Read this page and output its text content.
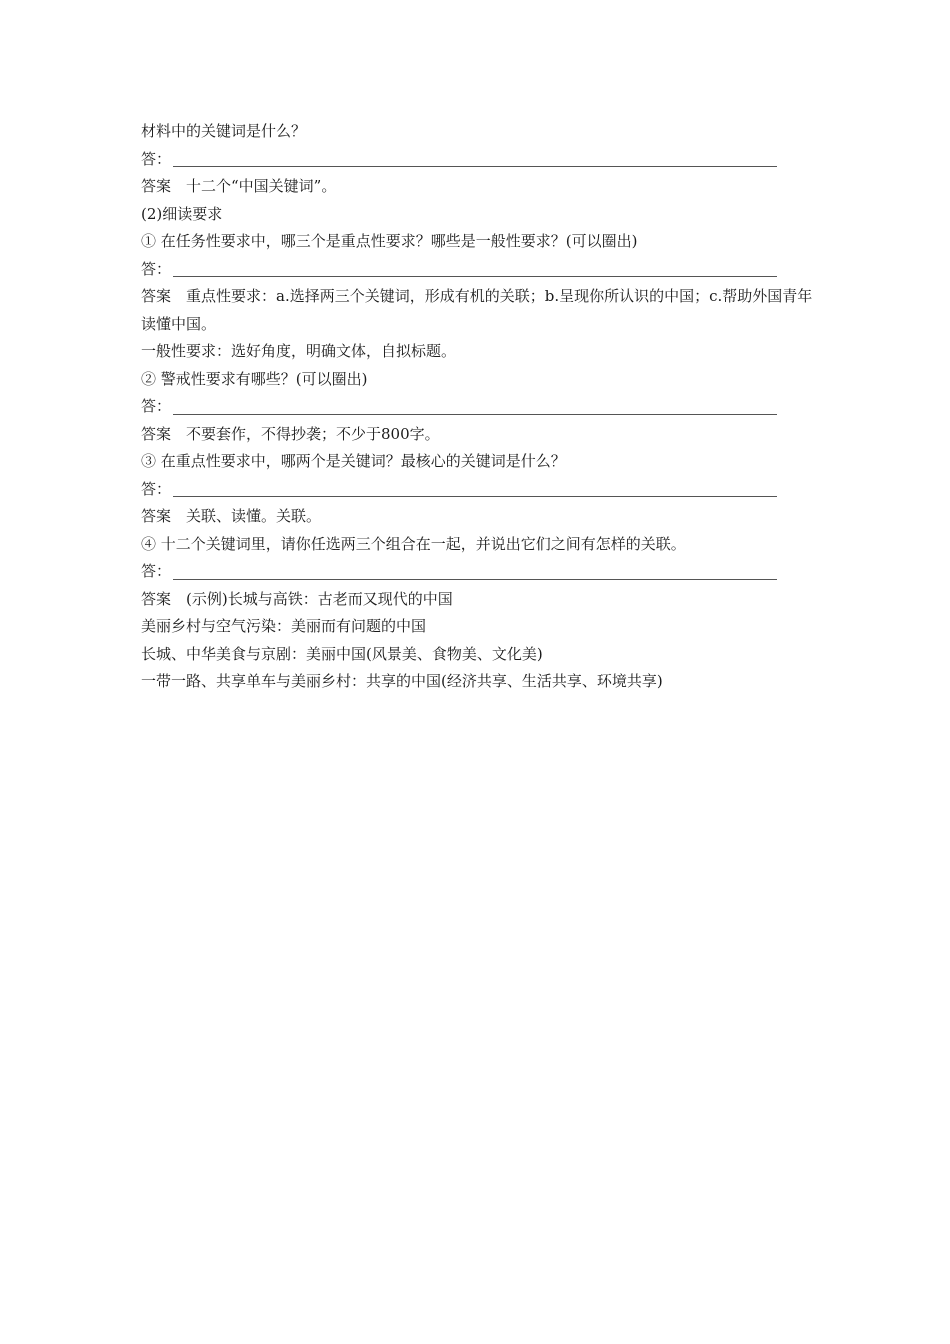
材料中的关键词是什么？
答：
答案 十二个“中国关键词”。
(2)细读要求
① 在任务性要求中，哪三个是重点性要求？哪些是一般性要求？(可以圈出)
答：
答案 重点性要求：a.选择两三个关键词，形成有机的关联；b.呈现你所认识的中国；c.帮助外国青年读懂中国。
一般性要求：选好角度，明确文体，自拟标题。
② 警戒性要求有哪些？(可以圈出)
答：
答案 不要套作，不得抄袭；不少于800字。
③ 在重点性要求中，哪两个是关键词？最核心的关键词是什么？
答：
答案 关联、读懂。关联。
④ 十二个关键词里，请你任选两三个组合在一起，并说出它们之间有怎样的关联。
答：
答案 (示例)长城与高铁：古老而又现代的中国
美丽乡村与空气污染：美丽而有问题的中国
长城、中华美食与京剧：美丽中国(风景美、食物美、文化美)
一带一路、共享单车与美丽乡村：共享的中国(经济共享、生活共享、环境共享)
